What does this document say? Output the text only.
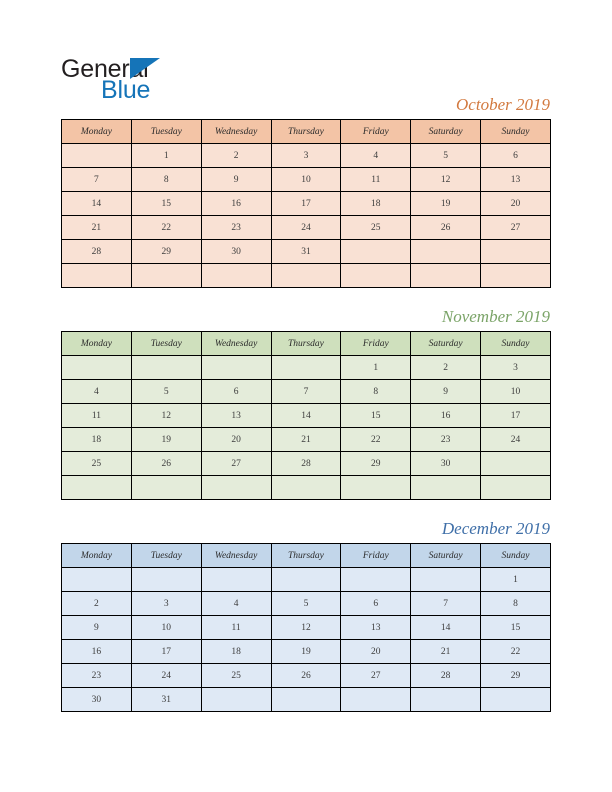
General
Blue
October 2019
Monday	Tuesday	Wednesday	Thursday	Friday	Saturday	Sunday
	1	2	3	4	5	6
7	8	9	10	11	12	13
14	15	16	17	18	19	20
21	22	23	24	25	26	27
28	29	30	31			

November 2019
Monday	Tuesday	Wednesday	Thursday	Friday	Saturday	Sunday
				1	2	3
4	5	6	7	8	9	10
11	12	13	14	15	16	17
18	19	20	21	22	23	24
25	26	27	28	29	30	

December 2019
Monday	Tuesday	Wednesday	Thursday	Friday	Saturday	Sunday
						1
2	3	4	5	6	7	8
9	10	11	12	13	14	15
16	17	18	19	20	21	22
23	24	25	26	27	28	29
30	31					
